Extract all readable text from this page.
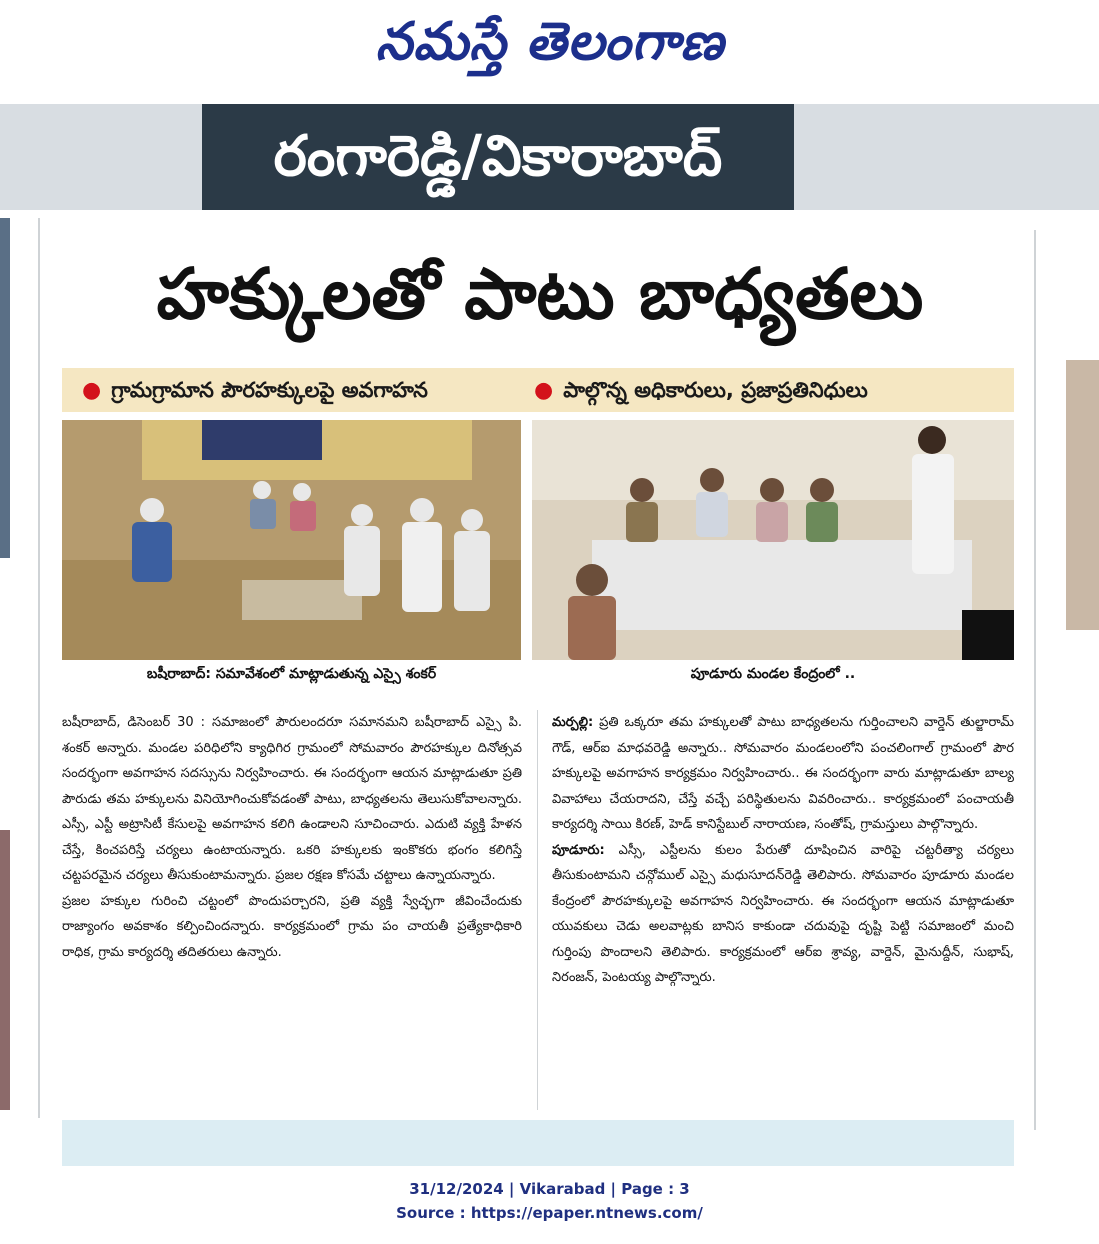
నమస్తే తెలంగాణ
రంగారెడ్డి/వికారాబాద్
హక్కులతో పాటు బాధ్యతలు
● గ్రామగ్రామాన పౌరహక్కులపై అవగాహన	● పాల్గొన్న అధికారులు, ప్రజాప్రతినిధులు
బషీరాబాద్: సమావేశంలో మాట్లాడుతున్న ఎస్సై శంకర్	పూడూరు మండల కేంద్రంలో ..

బషీరాబాద్, డిసెంబర్ 30 : సమాజంలో పౌరులందరూ సమానమని బషీరాబాద్ ఎస్సై పి. శంకర్ అన్నారు. మండల పరిధిలోని క్యాధిగిర గ్రామంలో సోమవారం పౌరహక్కుల దినోత్సవ సందర్భంగా అవగాహన సదస్సును నిర్వహించారు. ఈ సందర్భంగా ఆయన మాట్లాడుతూ ప్రతి పౌరుడు తమ హక్కులను వినియోగించుకోవడంతో పాటు, బాధ్యతలను తెలుసుకోవాలన్నారు. ఎస్సీ, ఎస్టీ అట్రాసిటీ కేసులపై అవగాహన కలిగి ఉండాలని సూచించారు. ఎదుటి వ్యక్తి హేళన చేస్తే, కించపరిస్తే చర్యలు ఉంటాయన్నారు. ఒకరి హక్కులకు ఇంకొకరు భంగం కలిగిస్తే చట్టపరమైన చర్యలు తీసుకుంటామన్నారు. ప్రజల రక్షణ కోసమే చట్టాలు ఉన్నాయన్నారు.

ప్రజల హక్కుల గురించి చట్టంలో పొందుపర్చారని, ప్రతి వ్యక్తి స్వేచ్ఛగా జీవించేందుకు రాజ్యాంగం అవకాశం కల్పించిందన్నారు. కార్యక్రమంలో గ్రామ పం చాయతీ ప్రత్యేకాధికారి రాధిక, గ్రామ కార్యదర్శి తదితరులు ఉన్నారు.

మర్పల్లి: ప్రతి ఒక్కరూ తమ హక్కులతో పాటు బాధ్యతలను గుర్తించాలని వార్డెన్ తుల్జారామ్ గౌడ్, ఆర్ఐ మాధవరెడ్డి అన్నారు.. సోమవారం మండలంలోని పంచలింగాల్ గ్రామంలో పౌర హక్కులపై అవగాహన కార్యక్రమం నిర్వహించారు.. ఈ సందర్భంగా వారు మాట్లాడుతూ బాల్య వివాహాలు చేయరాదని, చేస్తే వచ్చే పరిస్థితులను వివరించారు.. కార్యక్రమంలో పంచాయతీ కార్యదర్శి సాయి కిరణ్, హెడ్ కానిస్టేబుల్ నారాయణ, సంతోష్, గ్రామస్తులు పాల్గొన్నారు.

పూడూరు: ఎస్సీ, ఎస్టీలను కులం పేరుతో దూషించిన వారిపై చట్టరీత్యా చర్యలు తీసుకుంటామని చన్గోముల్ ఎస్సై మధుసూదన్‌రెడ్డి తెలిపారు. సోమవారం పూడూరు మండల కేంద్రంలో పౌరహక్కులపై అవగాహన నిర్వహించారు. ఈ సందర్భంగా ఆయన మాట్లాడుతూ యువకులు చెడు అలవాట్లకు బానిస కాకుండా చదువుపై దృష్టి పెట్టి సమాజంలో మంచి గుర్తింపు పొందాలని తెలిపారు. కార్యక్రమంలో ఆర్ఐ శ్రావ్య, వార్డెన్, మైనుద్దీన్, సుభాష్, నిరంజన్, పెంటయ్య పాల్గొన్నారు.

31/12/2024 | Vikarabad | Page : 3
Source : https://epaper.ntnews.com/
